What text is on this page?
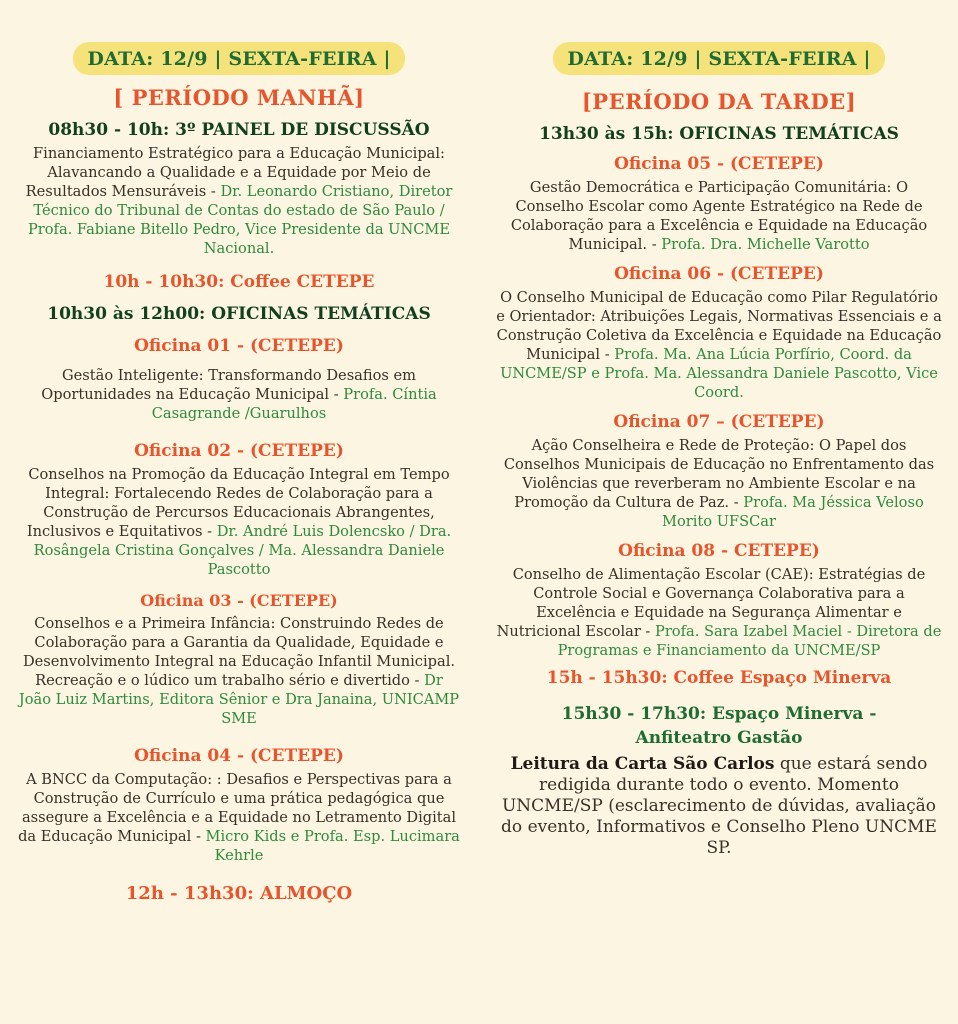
DATA: 12/9 | SEXTA-FEIRA |
[ PERÍODO MANHÃ]
08h30 - 10h: 3º PAINEL DE DISCUSSÃO

Financiamento Estratégico para a Educação Municipal: Alavancando a Qualidade e a Equidade por Meio de Resultados Mensuráveis - Dr. Leonardo Cristiano, Diretor Técnico do Tribunal de Contas do estado de São Paulo / Profa. Fabiane Bitello Pedro, Vice Presidente da UNCME Nacional.

10h - 10h30: Coffee CETEPE
10h30 às 12h00: OFICINAS TEMÁTICAS
Oficina 01 - (CETEPE)

Gestão Inteligente: Transformando Desafios em Oportunidades na Educação Municipal - Profa. Cíntia Casagrande /Guarulhos

Oficina 02 - (CETEPE)

Conselhos na Promoção da Educação Integral em Tempo Integral: Fortalecendo Redes de Colaboração para a Construção de Percursos Educacionais Abrangentes, Inclusivos e Equitativos - Dr. André Luis Dolencsko / Dra. Rosângela Cristina Gonçalves / Ma. Alessandra Daniele Pascotto

Oficina 03 - (CETEPE)

Conselhos e a Primeira Infância: Construindo Redes de Colaboração para a Garantia da Qualidade, Equidade e Desenvolvimento Integral na Educação Infantil Municipal. Recreação e o lúdico um trabalho sério e divertido - Dr João Luiz Martins, Editora Sênior e Dra Janaina, UNICAMP SME

Oficina 04 - (CETEPE)

A BNCC da Computação: : Desafios e Perspectivas para a Construção de Currículo e uma prática pedagógica que assegure a Excelência e a Equidade no Letramento Digital da Educação Municipal - Micro Kids e Profa. Esp. Lucimara Kehrle

12h - 13h30: ALMOÇO
DATA: 12/9 | SEXTA-FEIRA |
[PERÍODO DA TARDE]
13h30 às 15h: OFICINAS TEMÁTICAS
Oficina 05 - (CETEPE)

Gestão Democrática e Participação Comunitária: O Conselho Escolar como Agente Estratégico na Rede de Colaboração para a Excelência e Equidade na Educação Municipal. - Profa. Dra. Michelle Varotto

Oficina 06 - (CETEPE)

O Conselho Municipal de Educação como Pilar Regulatório e Orientador: Atribuições Legais, Normativas Essenciais e a Construção Coletiva da Excelência e Equidade na Educação Municipal - Profa. Ma. Ana Lúcia Porfírio, Coord. da UNCME/SP e Profa. Ma. Alessandra Daniele Pascotto, Vice Coord.

Oficina 07 – (CETEPE)

Ação Conselheira e Rede de Proteção: O Papel dos Conselhos Municipais de Educação no Enfrentamento das Violências que reverberam no Ambiente Escolar e na Promoção da Cultura de Paz. - Profa. Ma Jéssica Veloso Morito UFSCar

Oficina 08 - CETEPE)

Conselho de Alimentação Escolar (CAE): Estratégias de Controle Social e Governança Colaborativa para a Excelência e Equidade na Segurança Alimentar e Nutricional Escolar - Profa. Sara Izabel Maciel - Diretora de Programas e Financiamento da UNCME/SP

15h - 15h30: Coffee Espaço Minerva
15h30 - 17h30: Espaço Minerva - Anfiteatro Gastão

Leitura da Carta São Carlos que estará sendo redigida durante todo o evento. Momento UNCME/SP (esclarecimento de dúvidas, avaliação do evento, Informativos e Conselho Pleno UNCME SP.
